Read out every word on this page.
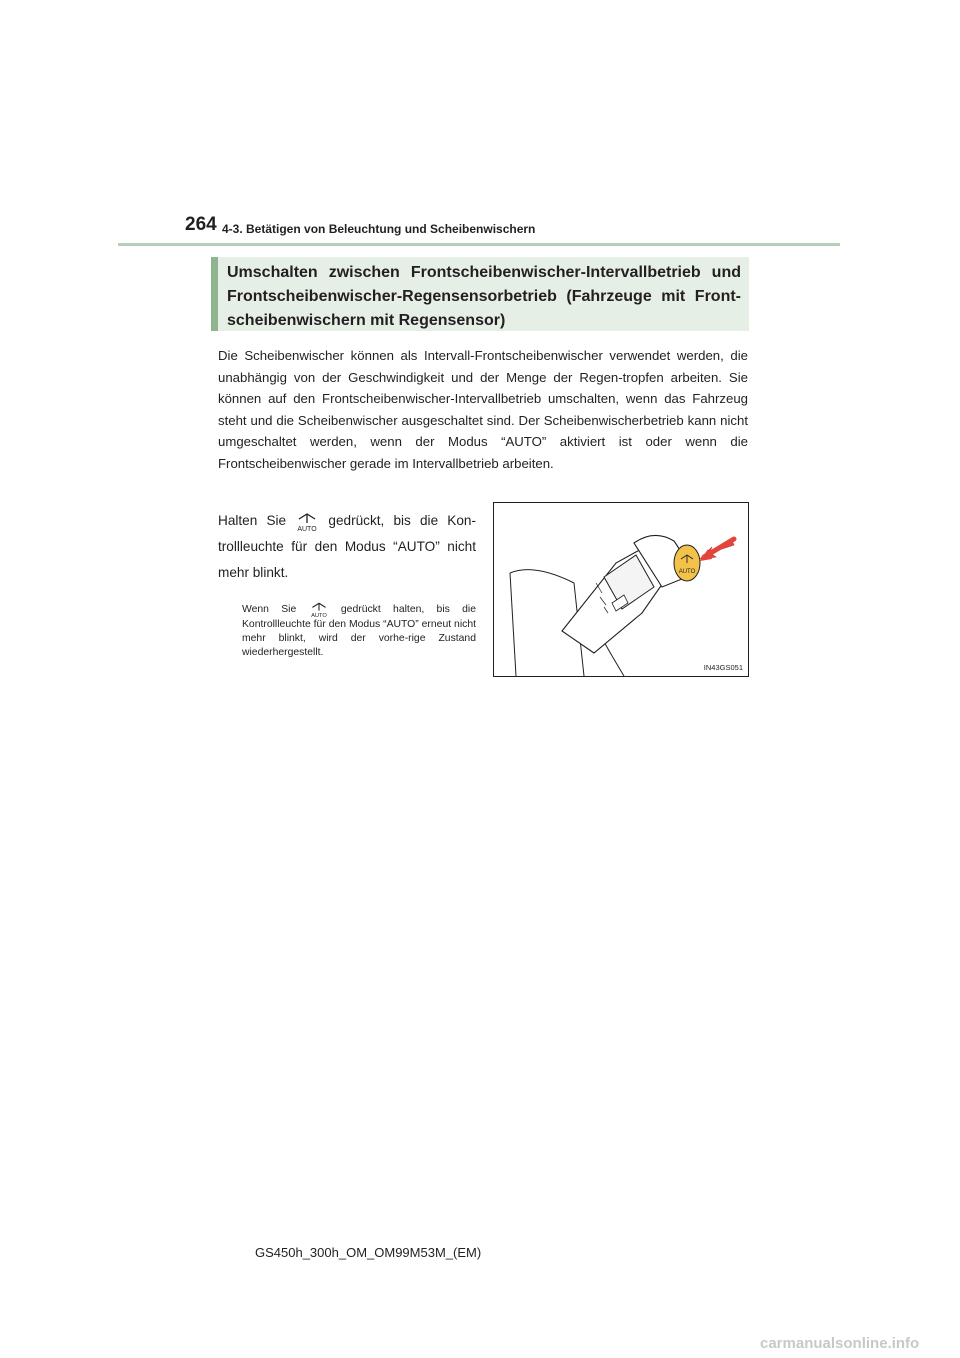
264 4-3. Betätigen von Beleuchtung und Scheibenwischern

Umschalten zwischen Frontscheibenwischer-Intervallbetrieb und Frontscheibenwischer-Regensensorbetrieb (Fahrzeuge mit Front-scheibenwischern mit Regensensor)

Die Scheibenwischer können als Intervall-Frontscheibenwischer verwendet werden, die unabhängig von der Geschwindigkeit und der Menge der Regen-tropfen arbeiten. Sie können auf den Frontscheibenwischer-Intervallbetrieb umschalten, wenn das Fahrzeug steht und die Scheibenwischer ausgeschaltet sind. Der Scheibenwischerbetrieb kann nicht umgeschaltet werden, wenn der Modus “AUTO” aktiviert ist oder wenn die Frontscheibenwischer gerade im Intervallbetrieb arbeiten.

Halten Sie
AUTO
gedrückt, bis die Kon-trollleuchte für den Modus “AUTO” nicht mehr blinkt.

Wenn Sie
AUTO
gedrückt halten, bis die Kontrollleuchte für den Modus “AUTO” erneut nicht mehr blinkt, wird der vorhe-rige Zustand wiederhergestellt.

AUTO
IN43GS051
GS450h_300h_OM_OM99M53M_(EM)
carmanualsonline.info
